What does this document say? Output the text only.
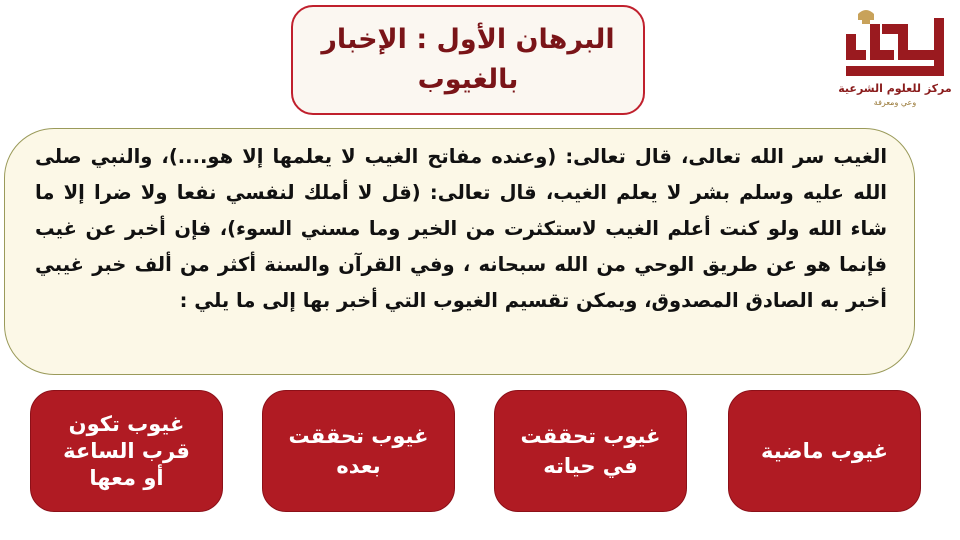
البرهان الأول : الإخبار بالغيوب	مركز للعلوم الشرعية
وعي ومعرفة
الغيب سر الله تعالى، قال تعالى: (وعنده مفاتح الغيب لا يعلمها إلا هو....)، والنبي صلى الله عليه وسلم بشر لا يعلم الغيب، قال تعالى: (قل لا أملك لنفسي نفعا ولا ضرا إلا ما شاء الله ولو كنت أعلم الغيب لاستكثرت من الخير وما مسني السوء)، فإن أخبر عن غيب فإنما هو عن طريق الوحي من الله سبحانه ، وفي القرآن والسنة أكثر من ألف خبر غيبي أخبر به الصادق المصدوق، ويمكن تقسيم الغيوب التي أخبر بها إلى ما يلي :
غيوب ماضية
غيوب تحققت في حياته
غيوب تحققت بعده
غيوب تكون قرب الساعة أو معها
